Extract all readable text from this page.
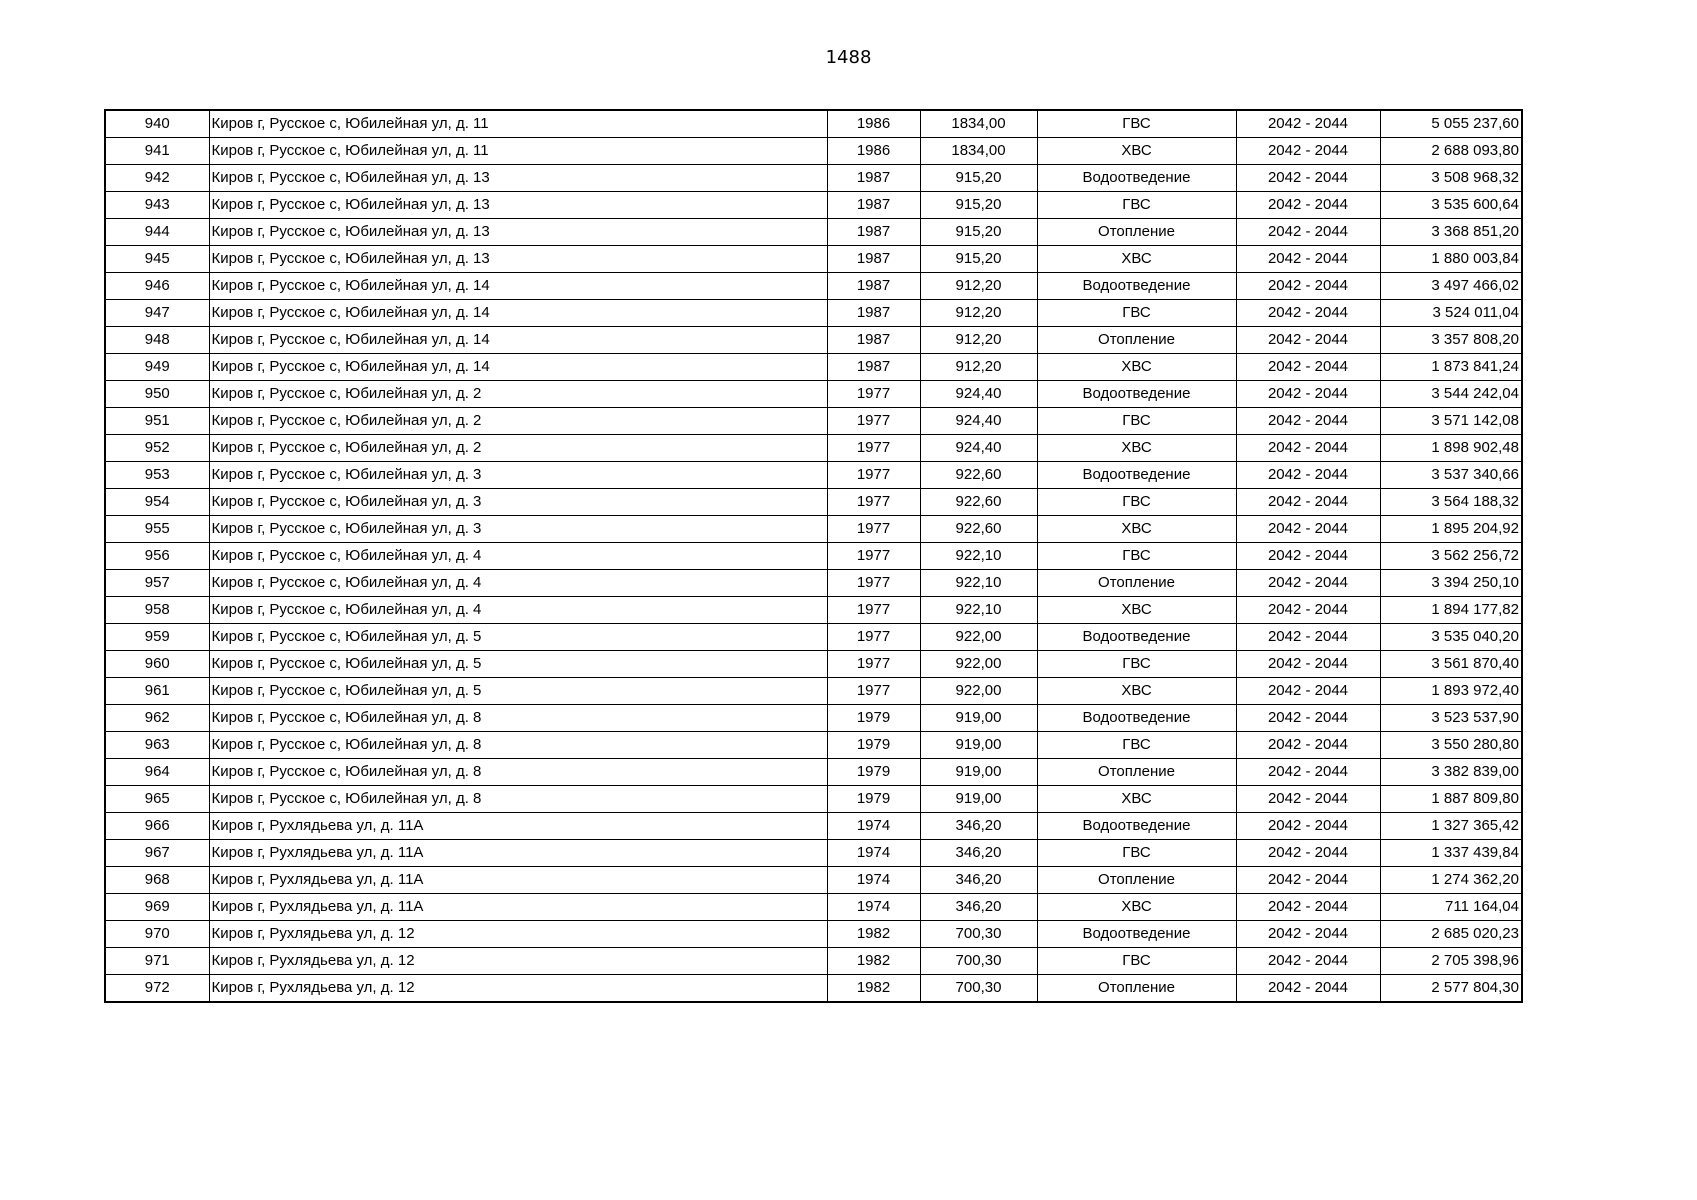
1488
940	Киров г, Русское с, Юбилейная ул, д. 11	1986	1834,00	ГВС	2042 - 2044	5 055 237,60
941	Киров г, Русское с, Юбилейная ул, д. 11	1986	1834,00	ХВС	2042 - 2044	2 688 093,80
942	Киров г, Русское с, Юбилейная ул, д. 13	1987	915,20	Водоотведение	2042 - 2044	3 508 968,32
943	Киров г, Русское с, Юбилейная ул, д. 13	1987	915,20	ГВС	2042 - 2044	3 535 600,64
944	Киров г, Русское с, Юбилейная ул, д. 13	1987	915,20	Отопление	2042 - 2044	3 368 851,20
945	Киров г, Русское с, Юбилейная ул, д. 13	1987	915,20	ХВС	2042 - 2044	1 880 003,84
946	Киров г, Русское с, Юбилейная ул, д. 14	1987	912,20	Водоотведение	2042 - 2044	3 497 466,02
947	Киров г, Русское с, Юбилейная ул, д. 14	1987	912,20	ГВС	2042 - 2044	3 524 011,04
948	Киров г, Русское с, Юбилейная ул, д. 14	1987	912,20	Отопление	2042 - 2044	3 357 808,20
949	Киров г, Русское с, Юбилейная ул, д. 14	1987	912,20	ХВС	2042 - 2044	1 873 841,24
950	Киров г, Русское с, Юбилейная ул, д. 2	1977	924,40	Водоотведение	2042 - 2044	3 544 242,04
951	Киров г, Русское с, Юбилейная ул, д. 2	1977	924,40	ГВС	2042 - 2044	3 571 142,08
952	Киров г, Русское с, Юбилейная ул, д. 2	1977	924,40	ХВС	2042 - 2044	1 898 902,48
953	Киров г, Русское с, Юбилейная ул, д. 3	1977	922,60	Водоотведение	2042 - 2044	3 537 340,66
954	Киров г, Русское с, Юбилейная ул, д. 3	1977	922,60	ГВС	2042 - 2044	3 564 188,32
955	Киров г, Русское с, Юбилейная ул, д. 3	1977	922,60	ХВС	2042 - 2044	1 895 204,92
956	Киров г, Русское с, Юбилейная ул, д. 4	1977	922,10	ГВС	2042 - 2044	3 562 256,72
957	Киров г, Русское с, Юбилейная ул, д. 4	1977	922,10	Отопление	2042 - 2044	3 394 250,10
958	Киров г, Русское с, Юбилейная ул, д. 4	1977	922,10	ХВС	2042 - 2044	1 894 177,82
959	Киров г, Русское с, Юбилейная ул, д. 5	1977	922,00	Водоотведение	2042 - 2044	3 535 040,20
960	Киров г, Русское с, Юбилейная ул, д. 5	1977	922,00	ГВС	2042 - 2044	3 561 870,40
961	Киров г, Русское с, Юбилейная ул, д. 5	1977	922,00	ХВС	2042 - 2044	1 893 972,40
962	Киров г, Русское с, Юбилейная ул, д. 8	1979	919,00	Водоотведение	2042 - 2044	3 523 537,90
963	Киров г, Русское с, Юбилейная ул, д. 8	1979	919,00	ГВС	2042 - 2044	3 550 280,80
964	Киров г, Русское с, Юбилейная ул, д. 8	1979	919,00	Отопление	2042 - 2044	3 382 839,00
965	Киров г, Русское с, Юбилейная ул, д. 8	1979	919,00	ХВС	2042 - 2044	1 887 809,80
966	Киров г, Рухлядьева ул, д. 11А	1974	346,20	Водоотведение	2042 - 2044	1 327 365,42
967	Киров г, Рухлядьева ул, д. 11А	1974	346,20	ГВС	2042 - 2044	1 337 439,84
968	Киров г, Рухлядьева ул, д. 11А	1974	346,20	Отопление	2042 - 2044	1 274 362,20
969	Киров г, Рухлядьева ул, д. 11А	1974	346,20	ХВС	2042 - 2044	711 164,04
970	Киров г, Рухлядьева ул, д. 12	1982	700,30	Водоотведение	2042 - 2044	2 685 020,23
971	Киров г, Рухлядьева ул, д. 12	1982	700,30	ГВС	2042 - 2044	2 705 398,96
972	Киров г, Рухлядьева ул, д. 12	1982	700,30	Отопление	2042 - 2044	2 577 804,30
